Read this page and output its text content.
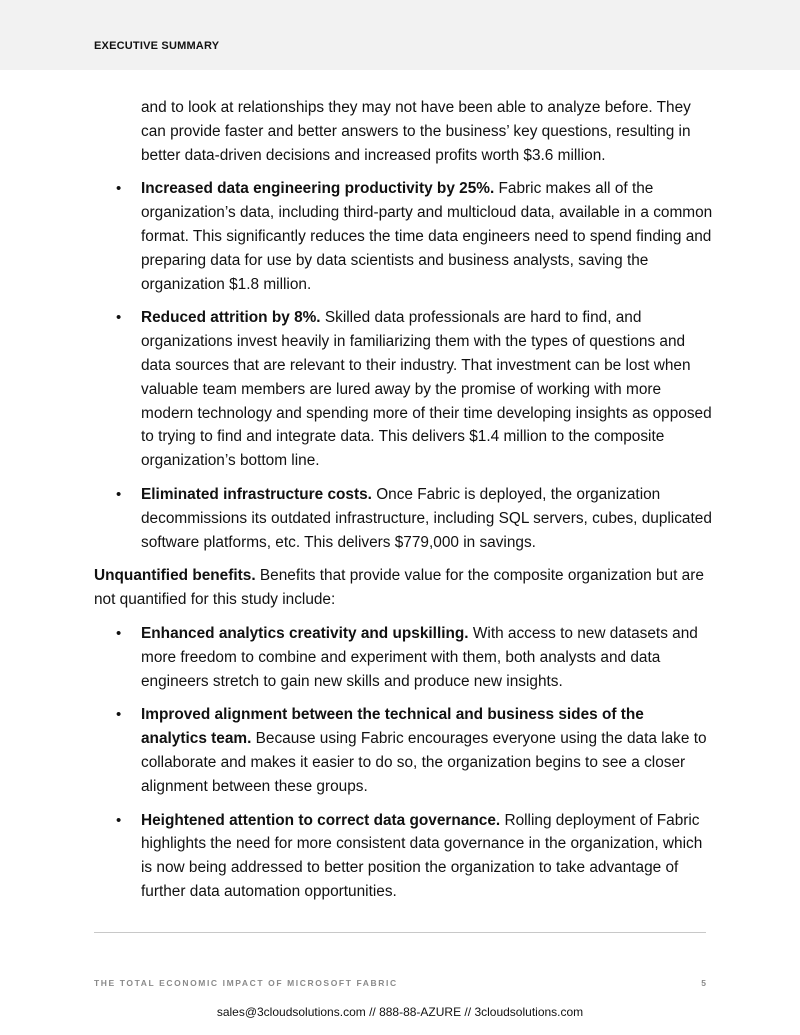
EXECUTIVE SUMMARY

and to look at relationships they may not have been able to analyze before. They can provide faster and better answers to the business’ key questions, resulting in better data-driven decisions and increased profits worth $3.6 million.

• Increased data engineering productivity by 25%. Fabric makes all of the organization’s data, including third-party and multicloud data, available in a common format. This significantly reduces the time data engineers need to spend finding and preparing data for use by data scientists and business analysts, saving the organization $1.8 million.
• Reduced attrition by 8%. Skilled data professionals are hard to find, and organizations invest heavily in familiarizing them with the types of questions and data sources that are relevant to their industry. That investment can be lost when valuable team members are lured away by the promise of working with more modern technology and spending more of their time developing insights as opposed to trying to find and integrate data. This delivers $1.4 million to the composite organization’s bottom line.
• Eliminated infrastructure costs. Once Fabric is deployed, the organization decommissions its outdated infrastructure, including SQL servers, cubes, duplicated software platforms, etc. This delivers $779,000 in savings.

Unquantified benefits. Benefits that provide value for the composite organization but are not quantified for this study include:

• Enhanced analytics creativity and upskilling. With access to new datasets and more freedom to combine and experiment with them, both analysts and data engineers stretch to gain new skills and produce new insights.
• Improved alignment between the technical and business sides of the analytics team. Because using Fabric encourages everyone using the data lake to collaborate and makes it easier to do so, the organization begins to see a closer alignment between these groups.
• Heightened attention to correct data governance. Rolling deployment of Fabric highlights the need for more consistent data governance in the organization, which is now being addressed to better position the organization to take advantage of further data automation opportunities.
THE TOTAL ECONOMIC IMPACT OF MICROSOFT FABRIC	5
sales@3cloudsolutions.com // 888-88-AZURE // 3cloudsolutions.com
